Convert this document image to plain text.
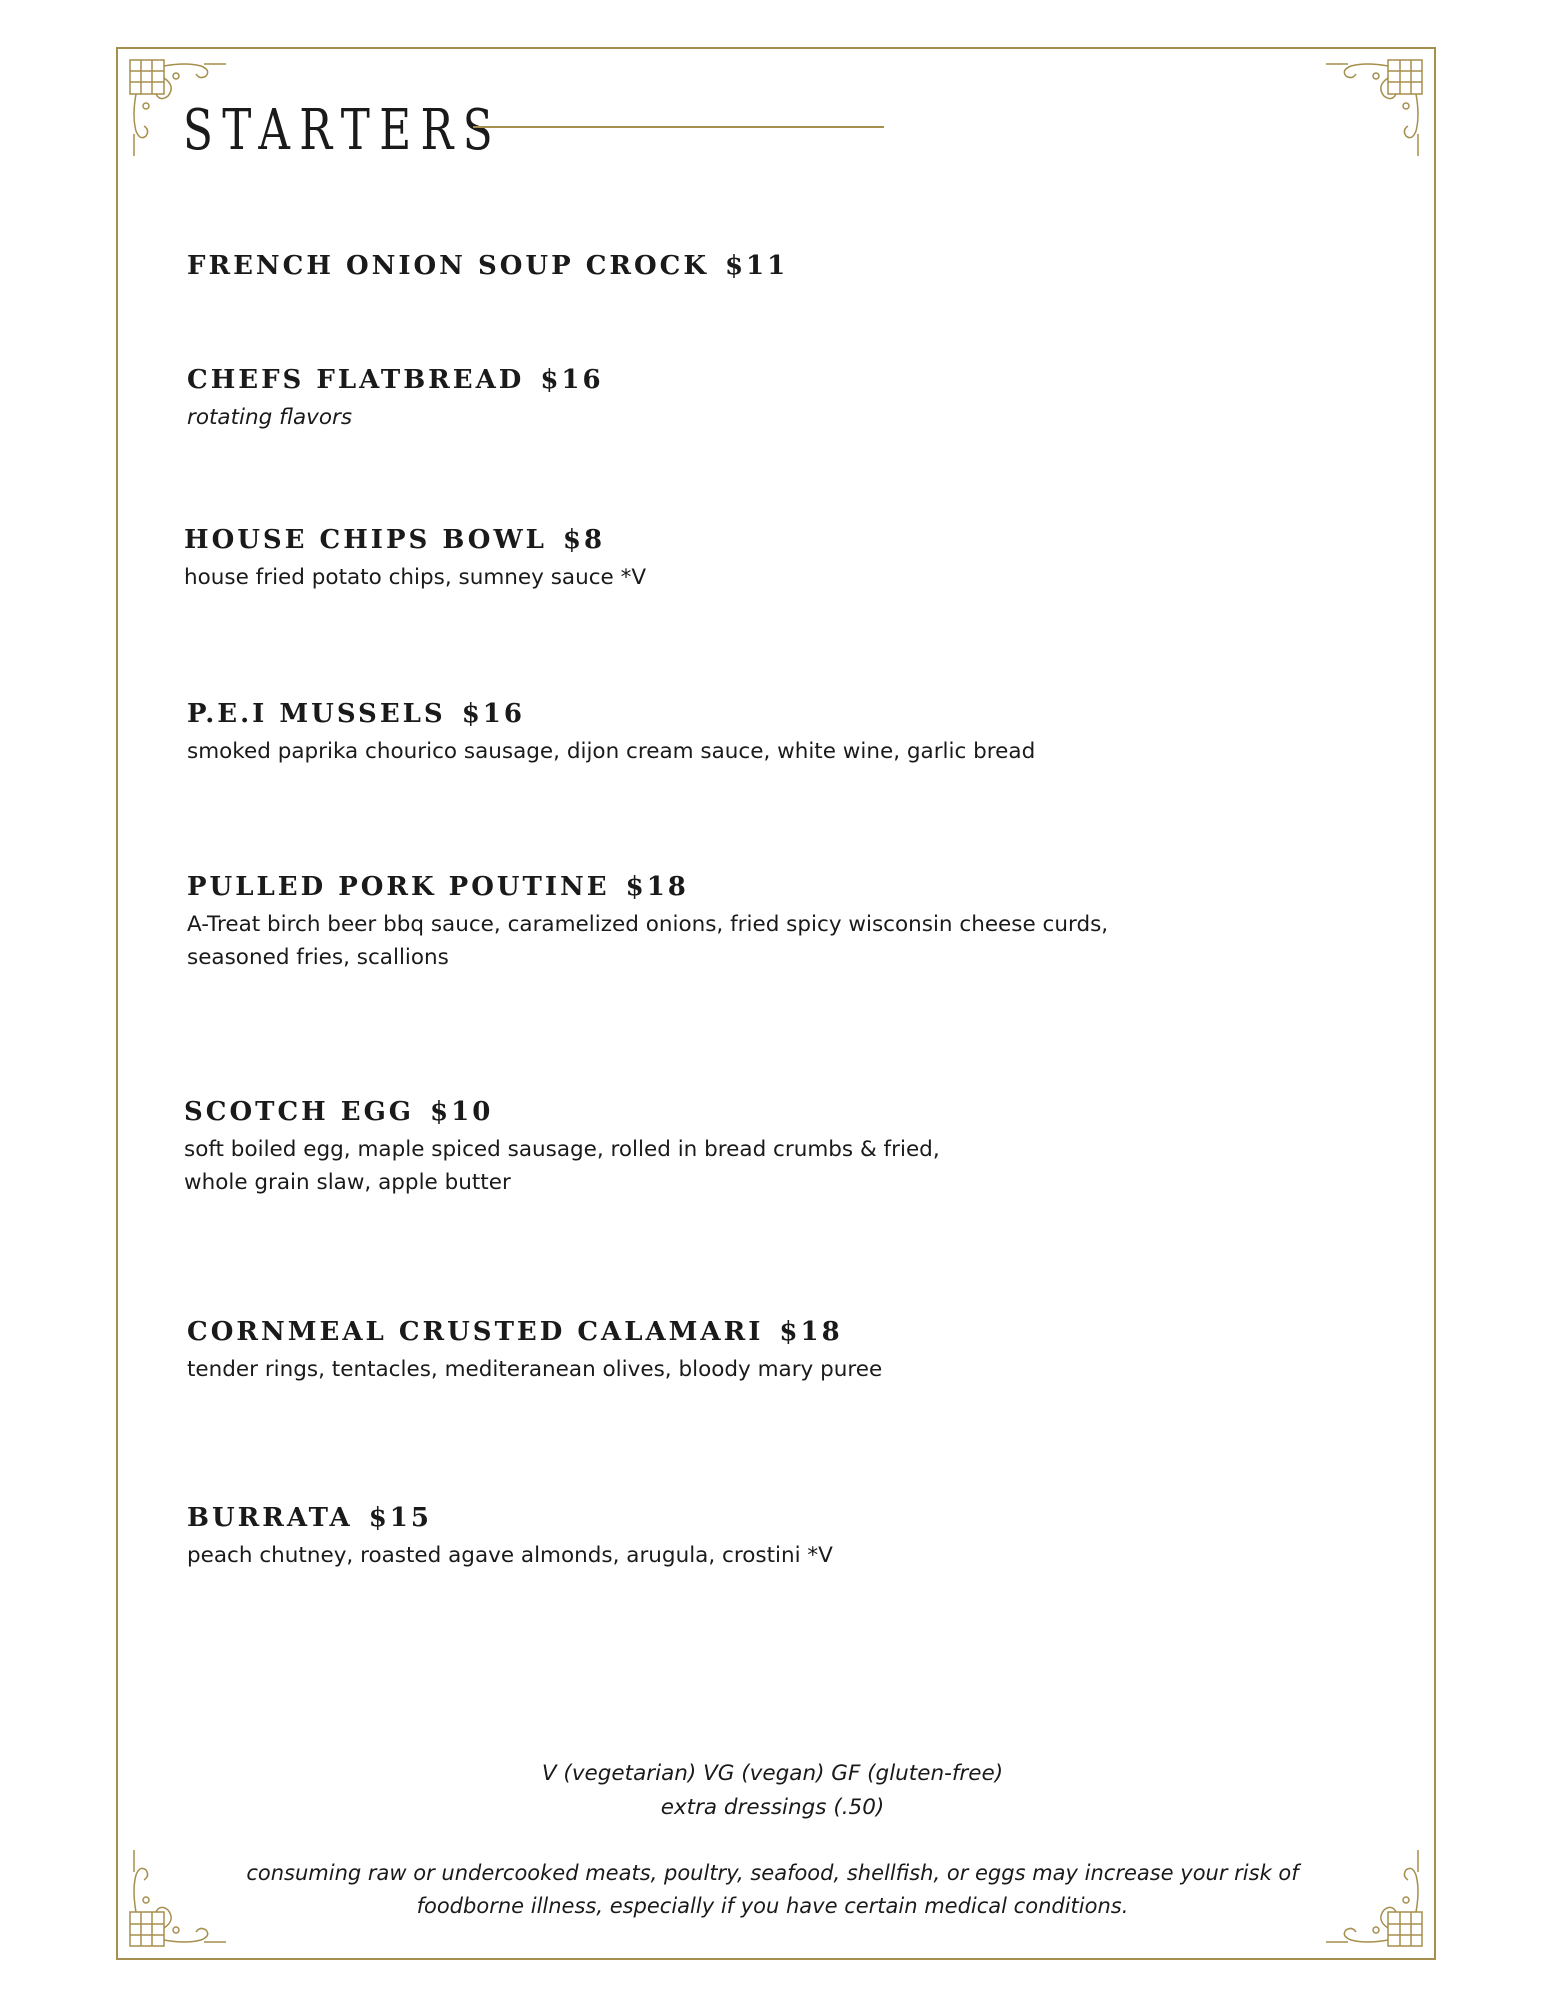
STARTERS
FRENCH ONION SOUP CROCK $11
CHEFS FLATBREAD $16
rotating flavors
HOUSE CHIPS BOWL $8
house fried potato chips, sumney sauce *V
P.E.I MUSSELS $16
smoked paprika chourico sausage, dijon cream sauce, white wine, garlic bread
PULLED PORK POUTINE $18
A-Treat birch beer bbq sauce, caramelized onions, fried spicy wisconsin cheese curds,
seasoned fries, scallions
SCOTCH EGG $10
soft boiled egg, maple spiced sausage, rolled in bread crumbs & fried,
whole grain slaw, apple butter
CORNMEAL CRUSTED CALAMARI $18
tender rings, tentacles, mediteranean olives, bloody mary puree
BURRATA $15
peach chutney, roasted agave almonds, arugula, crostini *V
V (vegetarian) VG (vegan) GF (gluten-free)
extra dressings (.50)
consuming raw or undercooked meats, poultry, seafood, shellfish, or eggs may increase your risk of
foodborne illness, especially if you have certain medical conditions.
